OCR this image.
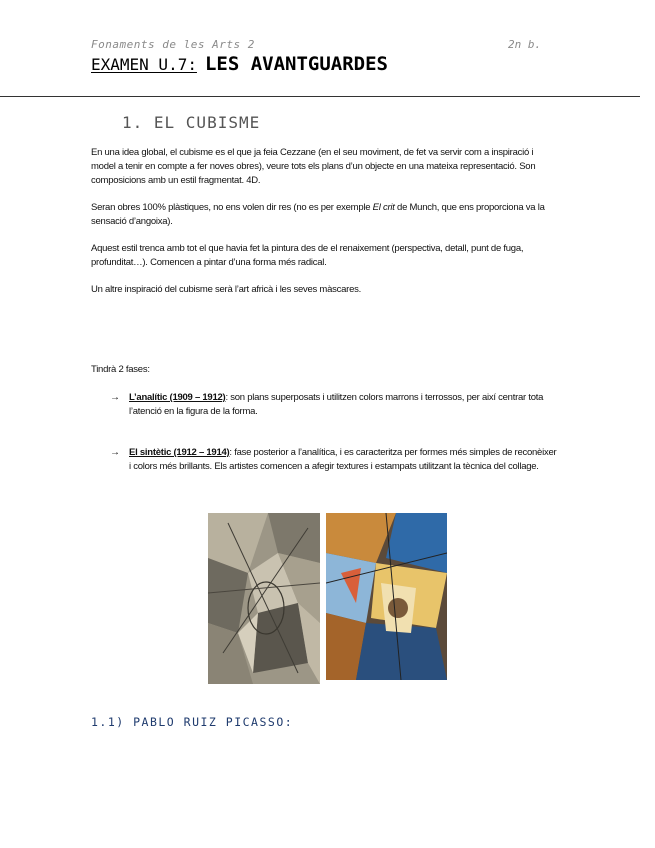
Fonaments de les Arts 2	2n b.
EXAMEN U.7: LES AVANTGUARDES
1. EL CUBISME

En una idea global, el cubisme es el que ja feia Cezzane (en el seu moviment, de fet va servir com a inspiració i model a tenir en compte a fer noves obres), veure tots els plans d’un objecte en una mateixa representació. Son composicions amb un estil fragmentat. 4D.

Seran obres 100% plàstiques, no ens volen dir res (no es per exemple El crit de Munch, que ens proporciona va la sensació d’angoixa).

Aquest estil trenca amb tot el que havia fet la pintura des de el renaixement (perspectiva, detall, punt de fuga, profunditat…). Comencen a pintar d’una forma més radical.

Un altre inspiració del cubisme serà l’art africà i les seves màscares.

Tindrà 2 fases:

→ L’analític (1909 – 1912): son plans superposats i utilitzen colors marrons i terrossos, per així centrar tota l’atenció en la figura de la forma.
→ El sintètic (1912 – 1914): fase posterior a l’analítica, i es caracteritza per formes més simples de reconèixer i colors més brillants. Els artistes comencen a afegir textures i estampats utilitzant la tècnica del collage.
1.1) PABLO RUIZ PICASSO:
